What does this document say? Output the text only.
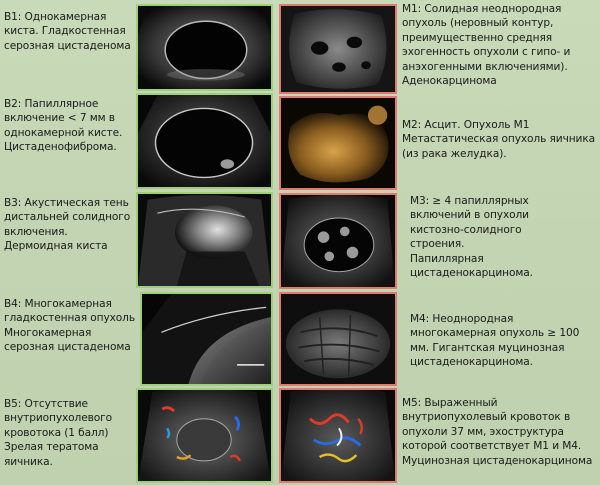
B1: Однокамерная
киста. Гладкостенная
серозная цистаденома
B2: Папиллярное
включение < 7 мм в
однокамерной кисте.
Цистаденофиброма.
B3: Акустическая тень
дистальней солидного
включения.
Дермоидная киста
B4: Многокамерная
гладкостенная опухоль
Многокамерная
серозная цистаденома
B5: Отсутствие
внутриопухолевого
кровотока (1 балл)
Зрелая тератома
яичника.
M1: Солидная неоднородная
опухоль (неровный контур,
преимущественно средняя
эхогенность опухоли с гипо- и
анэхогенными включениями).
Аденокарцинома
M2: Асцит. Опухоль M1
Метастатическая опухоль яичника
(из рака желудка).
M3: ≥ 4 папиллярных
включений в опухоли
кистозно-солидного
строения.
Папиллярная
цистаденокарцинома.
M4: Неоднородная
многокамерная опухоль ≥ 100
мм. Гигантская муцинозная
цистаденокарцинома.
M5: Выраженный
внутриопухолевый кровоток в
опухоли 37 мм, эхоструктура
которой соответствует M1 и M4.
Муцинозная цистаденокарцинома
